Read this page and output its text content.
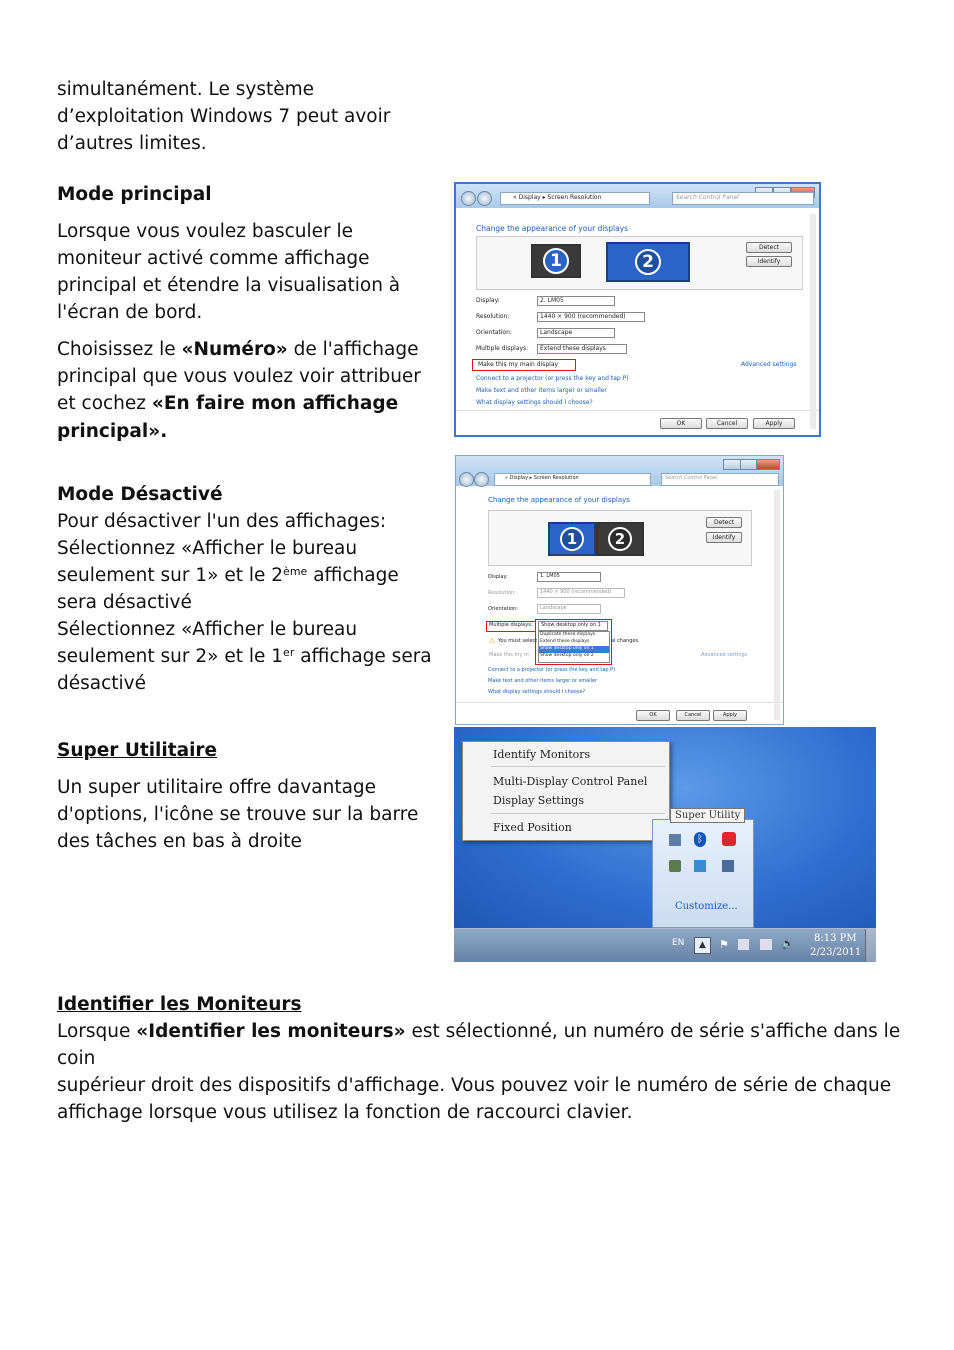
simultanément. Le système
d’exploitation Windows 7 peut avoir
d’autres limites.
Mode principal
Lorsque vous voulez basculer le
moniteur activé comme affichage
principal et étendre la visualisation à
l'écran de bord.
Choisissez le «Numéro» de l'affichage
principal que vous voulez voir attribuer
et cochez «En faire mon affichage
principal».
Mode Désactivé
Pour désactiver l'un des affichages:
Sélectionnez «Afficher le bureau
seulement sur 1» et le 2ème affichage
sera désactivé
Sélectionnez «Afficher le bureau
seulement sur 2» et le 1er affichage sera
désactivé
Super Utilitaire
Un super utilitaire offre davantage
d'options, l'icône se trouve sur la barre
des tâches en bas à droite
Identifier les Moniteurs
Lorsque «Identifier les moniteurs» est sélectionné, un numéro de série s'affiche dans le coin
supérieur droit des dispositifs d'affichage. Vous pouvez voir le numéro de série de chaque
affichage lorsque vous utilisez la fonction de raccourci clavier.
« Display ▸ Screen Resolution	Search Control Panel
Change the appearance of your displays
1	2
Detect
Identify
Display:	2. LM05
Resolution:	1440 × 900 (recommended)
Orientation:	Landscape
Multiple displays: Extend these displays
Make this my main display	Advanced settings
Connect to a projector (or press the key and tap P)
Make text and other items larger or smaller
What display settings should I choose?
OK	Cancel	Apply
« Display ▸ Screen Resolution	Search Control Panel
Change the appearance of your displays
1	2
Detect
Identify
Display:	1. LM05
Resolution:	1440 × 900 (recommended)
Orientation:	Landscape
Multiple displays: Show desktop only on 1
Duplicate these displays
Extend these displays
Show desktop only on 1
Show desktop only on 2
⚠ You must select	al changes.
Make this my m	Advanced settings
Connect to a projector (or press the key and tap P)
Make text and other items larger or smaller
What display settings should I choose?
OK	Cancel	Apply
Identify Monitors
Multi-Display Control Panel
Display Settings
Fixed Position
ᛒ
Customize...
Super Utility
EN	▲	⚑	🔈 8:13 PM
2/23/2011
